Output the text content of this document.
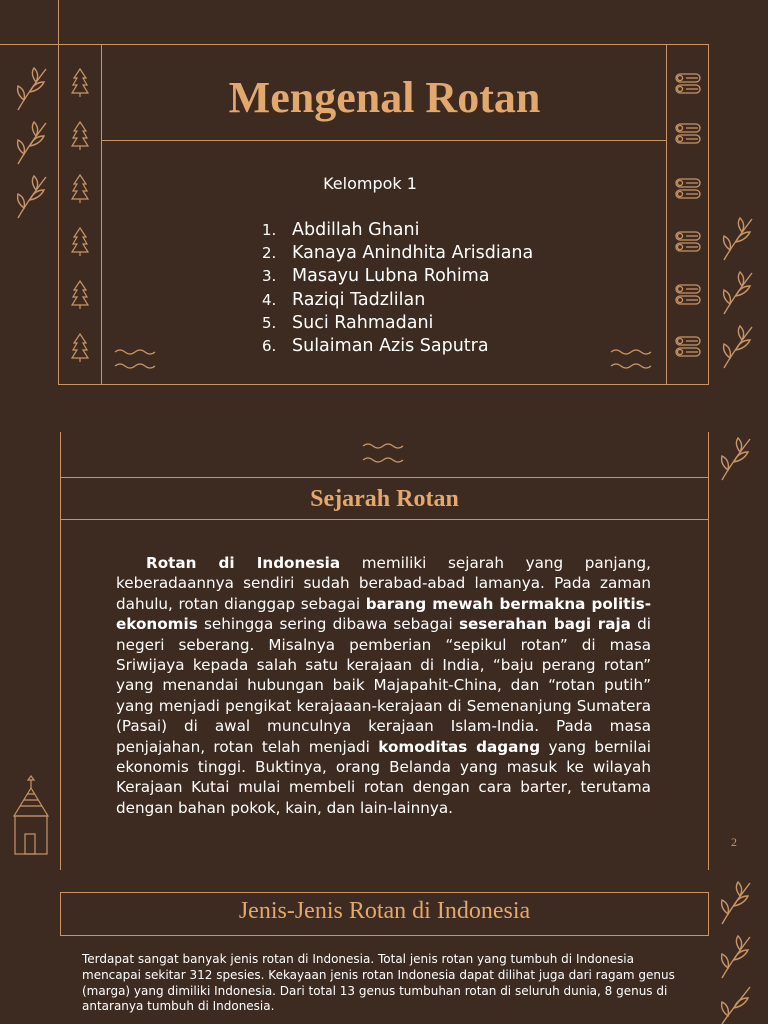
Mengenal Rotan
Kelompok 1
1. Abdillah Ghani
2. Kanaya Anindhita Arisdiana
3. Masayu Lubna Rohima
4. Raziqi Tadzlilan
5. Suci Rahmadani
6. Sulaiman Azis Saputra
Sejarah Rotan

Rotan di Indonesia memiliki sejarah yang panjang, keberadaannya sendiri sudah berabad-abad lamanya. Pada zaman dahulu, rotan dianggap sebagai barang mewah bermakna politis-ekonomis sehingga sering dibawa sebagai seserahan bagi raja di negeri seberang. Misalnya pemberian “sepikul rotan” di masa Sriwijaya kepada salah satu kerajaan di India, “baju perang rotan” yang menandai hubungan baik Majapahit-China, dan “rotan putih” yang menjadi pengikat kerajaaan-kerajaan di Semenanjung Sumatera (Pasai) di awal munculnya kerajaan Islam-India. Pada masa penjajahan, rotan telah menjadi komoditas dagang yang bernilai ekonomis tinggi. Buktinya, orang Belanda yang masuk ke wilayah Kerajaan Kutai mulai membeli rotan dengan cara barter, terutama dengan bahan pokok, kain, dan lain-lainnya.

2
Jenis-Jenis Rotan di Indonesia

Terdapat sangat banyak jenis rotan di Indonesia. Total jenis rotan yang tumbuh di Indonesia mencapai sekitar 312 spesies. Kekayaan jenis rotan Indonesia dapat dilihat juga dari ragam genus (marga) yang dimiliki Indonesia. Dari total 13 genus tumbuhan rotan di seluruh dunia, 8 genus di antaranya tumbuh di Indonesia.
